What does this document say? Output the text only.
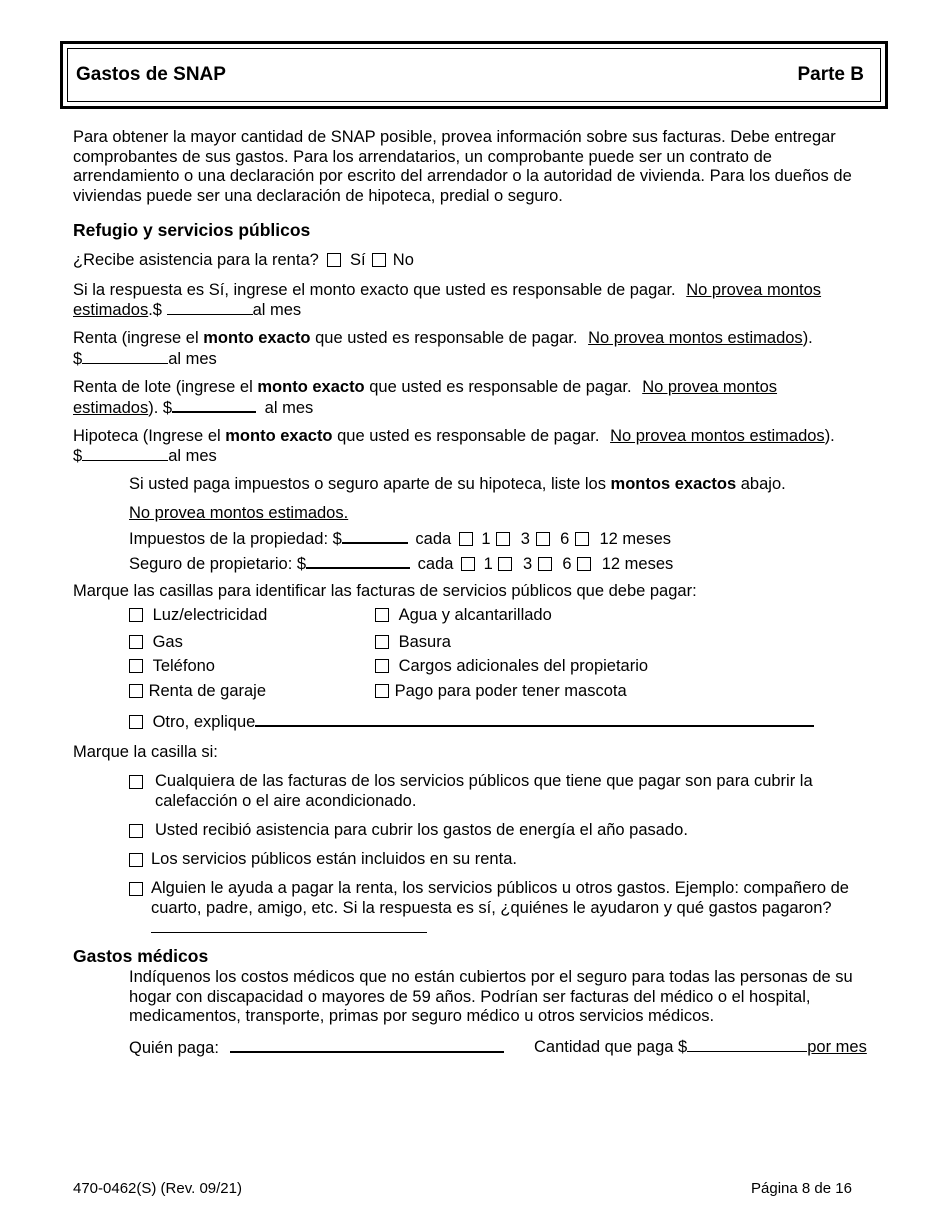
Gastos de SNAP	Parte B
Para obtener la mayor cantidad de SNAP posible, provea información sobre sus facturas. Debe entregar comprobantes de sus gastos. Para los arrendatarios, un comprobante puede ser un contrato de arrendamiento o una declaración por escrito del arrendador o la autoridad de vivienda. Para los dueños de viviendas puede ser una declaración de hipoteca, predial o seguro.
Refugio y servicios públicos
¿Recibe asistencia para la renta? Sí No
Si la respuesta es Sí, ingrese el monto exacto que usted es responsable de pagar. No provea montos
estimados.$	al mes
Renta (ingrese el monto exacto que usted es responsable de pagar. No provea montos estimados).
$	al mes
Renta de lote (ingrese el monto exacto que usted es responsable de pagar. No provea montos
estimados). $	al mes
Hipoteca (Ingrese el monto exacto que usted es responsable de pagar. No provea montos estimados).
$	al mes
Si usted paga impuestos o seguro aparte de su hipoteca, liste los montos exactos abajo.
No provea montos estimados.
Impuestos de la propiedad: $	cada 1 3 6 12 meses
Seguro de propietario: $	cada 1 3 6 12 meses
Marque las casillas para identificar las facturas de servicios públicos que debe pagar:
Luz/electricidad	Agua y alcantarillado
Gas	Basura
Teléfono	Cargos adicionales del propietario
Renta de garaje	Pago para poder tener mascota
Otro, explique
Marque la casilla si:
Cualquiera de las facturas de los servicios públicos que tiene que pagar son para cubrir la calefacción o el aire acondicionado.
Usted recibió asistencia para cubrir los gastos de energía el año pasado.
Los servicios públicos están incluidos en su renta.
Alguien le ayuda a pagar la renta, los servicios públicos u otros gastos. Ejemplo: compañero de cuarto, padre, amigo, etc. Si la respuesta es sí, ¿quiénes le ayudaron y qué gastos pagaron?
Gastos médicos
Indíquenos los costos médicos que no están cubiertos por el seguro para todas las personas de su hogar con discapacidad o mayores de 59 años. Podrían ser facturas del médico o el hospital, medicamentos, transporte, primas por seguro médico u otros servicios médicos.
Quién paga:	Cantidad que paga $	por mes
470-0462(S) (Rev. 09/21)	Página 8 de 16
